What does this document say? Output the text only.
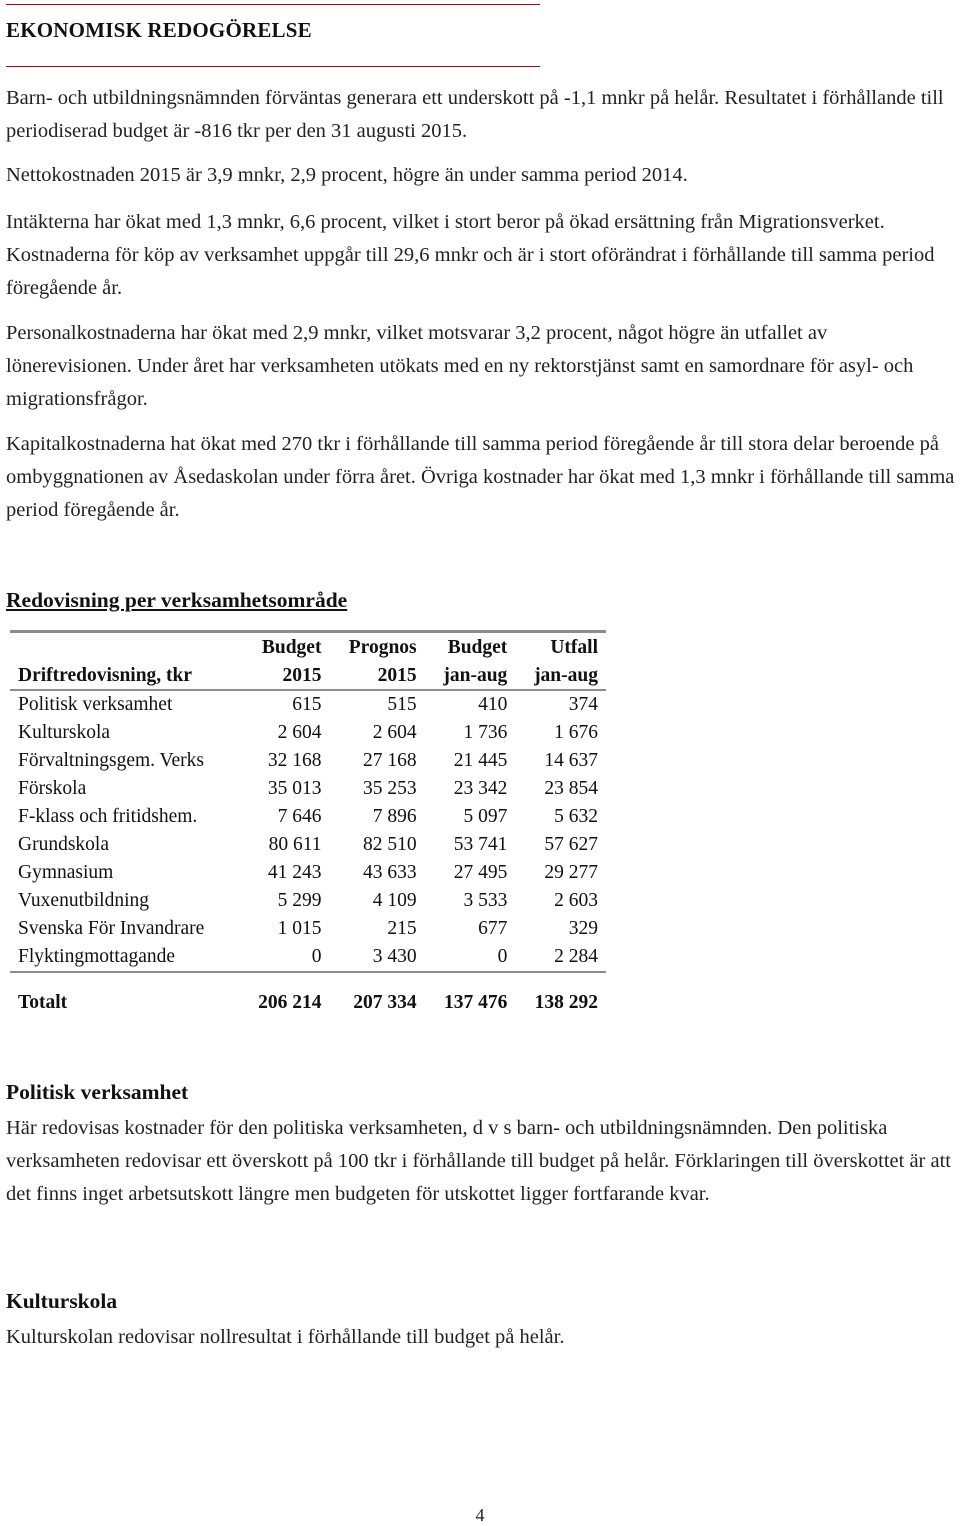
EKONOMISK REDOGÖRELSE

Barn- och utbildningsnämnden förväntas generara ett underskott på -1,1 mnkr på helår. Resultatet i förhållande till periodiserad budget är -816 tkr per den 31 augusti 2015.

Nettokostnaden 2015 är 3,9 mnkr, 2,9 procent, högre än under samma period 2014.

Intäkterna har ökat med 1,3 mnkr, 6,6 procent, vilket i stort beror på ökad ersättning från Migrationsverket. Kostnaderna för köp av verksamhet uppgår till 29,6 mnkr och är i stort oförändrat i förhållande till samma period föregående år.

Personalkostnaderna har ökat med 2,9 mnkr, vilket motsvarar 3,2 procent, något högre än utfallet av lönerevisionen. Under året har verksamheten utökats med en ny rektorstjänst samt en samordnare för asyl- och migrationsfrågor.

Kapitalkostnaderna hat ökat med 270 tkr i förhållande till samma period föregående år till stora delar beroende på ombyggnationen av Åsedaskolan under förra året. Övriga kostnader har ökat med 1,3 mnkr i förhållande till samma period föregående år.

Redovisning per verksamhetsområde
	Budget	Prognos	Budget	Utfall
Driftredovisning, tkr	2015	2015	jan-aug	jan-aug
Politisk verksamhet	615	515	410	374
Kulturskola	2 604	2 604	1 736	1 676
Förvaltningsgem. Verks	32 168	27 168	21 445	14 637
Förskola	35 013	35 253	23 342	23 854
F-klass och fritidshem.	7 646	7 896	5 097	5 632
Grundskola	80 611	82 510	53 741	57 627
Gymnasium	41 243	43 633	27 495	29 277
Vuxenutbildning	5 299	4 109	3 533	2 603
Svenska För Invandrare	1 015	215	677	329
Flyktingmottagande	0	3 430	0	2 284

Totalt	206 214	207 334	137 476	138 292
Politisk verksamhet

Här redovisas kostnader för den politiska verksamheten, d v s barn- och utbildningsnämnden. Den politiska verksamheten redovisar ett överskott på 100 tkr i förhållande till budget på helår. Förklaringen till överskottet är att det finns inget arbetsutskott längre men budgeten för utskottet ligger fortfarande kvar.

Kulturskola

Kulturskolan redovisar nollresultat i förhållande till budget på helår.

4
